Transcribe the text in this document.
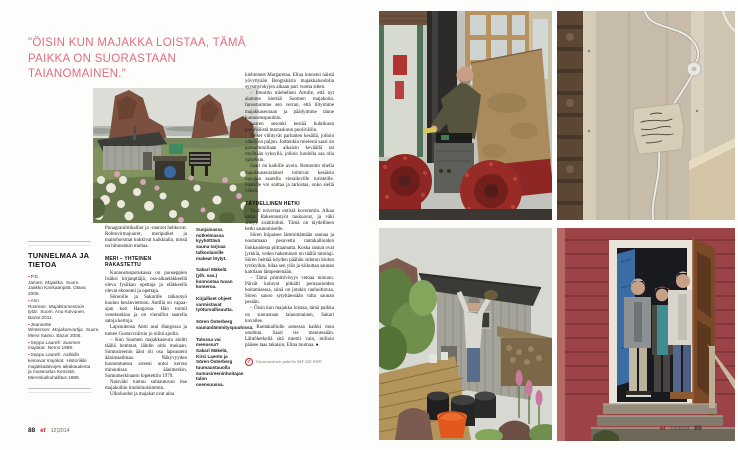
"ÖISIN KUN MAJAKKA LOISTAA, TÄMÄ PAIKKA ON SUORASTAAN TAIANOMAINEN."
TUNNELMAA JA TIETOA
▪P.D. James: Majakka. Suom. Jaakko Kankaanpää. Otava 2006.
▪Ann Rosman: Majakkamestarin tytär. Suom. Anu Koivunen. Bazar 2011.
▪Jeannette Winterson: Majakanvartija. Suom. Mervi Sainio. Bazar 2005.
▪Seppo Laurell: Suomen majakat. Nemo 1999.
▪Seppo Laurell: Aalloilla keinuvat majakat. Historiikki majakkalaivojen aikakaudesta ja museoalus Kemistä. Merenkulkuhallitus 1988.

Punagraniittikalliot ja -rauniot hehkuvat. Rohtovirmajuuret, meriputket ja maitohorsmat kukkivat kaikkialla, missä on hitunenkin multaa.

MERI – YHTEINEN RAKASTETTU

Kunnostusporukassa on puuseppien lisäksi kirjanpitäjä, osa-aikaeläkkeellä oleva fysiikan opettaja ja eläkkeellä olevat ekonomi ja opettaja.

Sörenille ja Sakarille talkootyö kuuluu kesänviettoon. Antilla on vapaa-ajan koti Hangossa. Hän toimii venekuskina ja on vieraillut saarella satoja kertoja.

Lapsuutensa Antti asui Hangossa ja tuntee Gustavsvärnin jo niiltä ajoilta.

– Kun Suomen majakkaseura aloitti täällä hommat, lähdin oitis mukaan. Sumusireenin ääni oli osa lapsuuteni äänimaailmaa. Näkyvyyden huonontuessa sireeni antoi kerran minuutissa äänimerkin. Sumumerkinanto lopetettiin 1979.

Naisväki tuntuu suhtautuvan itse majakoihin intohimoisimmin.

Ulkoluodot ja majakat ovat aina

Suojaisassa notkelmassa kyyhöttävä sauna tarjoaa talkoolaisille makeat löylyt.

Sakari Mäkelä (ylh. vas.) kunnostaa tuvan komeroa.

Kirjalliset ohjeet varmistavat työturvallisuutta.

Sören Österberg saunanlämmityspuuhissa.

Tulossa vai menossa? Sakari Mäkelä, Kirsi Laento ja Sören Österberg tuumaustauolla sumusireeninhoitajan talon ovensuussa.

kiehtoneet Margaretaa. Elina innostui näistä yövyttyään Bengtskärin majakkaluodolla syysmyrskyjen aikaan pari vuotta sitten.

– Ilmoitin miehelleni Artolle, että nyt alamme kiertää Suomen majakoita. Innostuimme sen verran, että liityimme majakkaseuraan ja päädyimme tänne kunnostuspuuhiin.

Saaren sesonki kestää huhtikuun puolivälistä marraskuun puoliväliin.

Toiset viihtyvät parhaiten kesällä, jolloin väkeä on paljon. Joittenkin mielestä saari on parhaimmillaan aikaisin keväällä tai myöhään syksyllä, jolloin luodolla saa olla ypöyksin.

Saari on kaikille avoin. Remontin ohella majakkaseuralaiset toimivat kesäisin oppaina saarella vieraileville turisteille. Saarelle voi soittaa ja tarkistaa, onko siellä väkeä.

TÄYDELLINEN HETKI

Tuuli tuivertaa entistä kovemmin. Alkaa sataa. Rakennustyöt taukoavat, ja väki siirtyy sisätiloihin. Tämä on täydellinen hetki saunomiselle.

Sören hiipaisee lämmittämään saunaa ja noutamaan pesuvettä rantakallioiden liukkaudesta piittaamatta. Koska rannat ovat jyrkkiä, veden hakeminen on täällä taitolaji. Sören heittää köyden päähän sidotun kiulun tyrskyihin, hilaa sen ylös ja kiikuttaa saunan kattilaan lämpenemään.

– Tämä primitiivisyys vetoaa minuun. Päivät kuluvat pitkälti perusasioiden hoitamisessa, siinä on jotakin rauhoittavaa, Sören sanoo sytyttäessään tulta saunan pesään.

– Öisin kun majakka loistaa, tämä paikka on suorastaan taianomainen, Sakari kuvailee.

– Rantakalliolle astuessa kaikki muu unohtuu. Saari vie mennessään. Lähtöhetkellä sitä miettii vain, milloin pääsee taas takaisin, Elina tuumaa. ●

✆	Gustavsvärnin puhelin 044 320-0309
88 et 12|2014	et 12|2014 89
